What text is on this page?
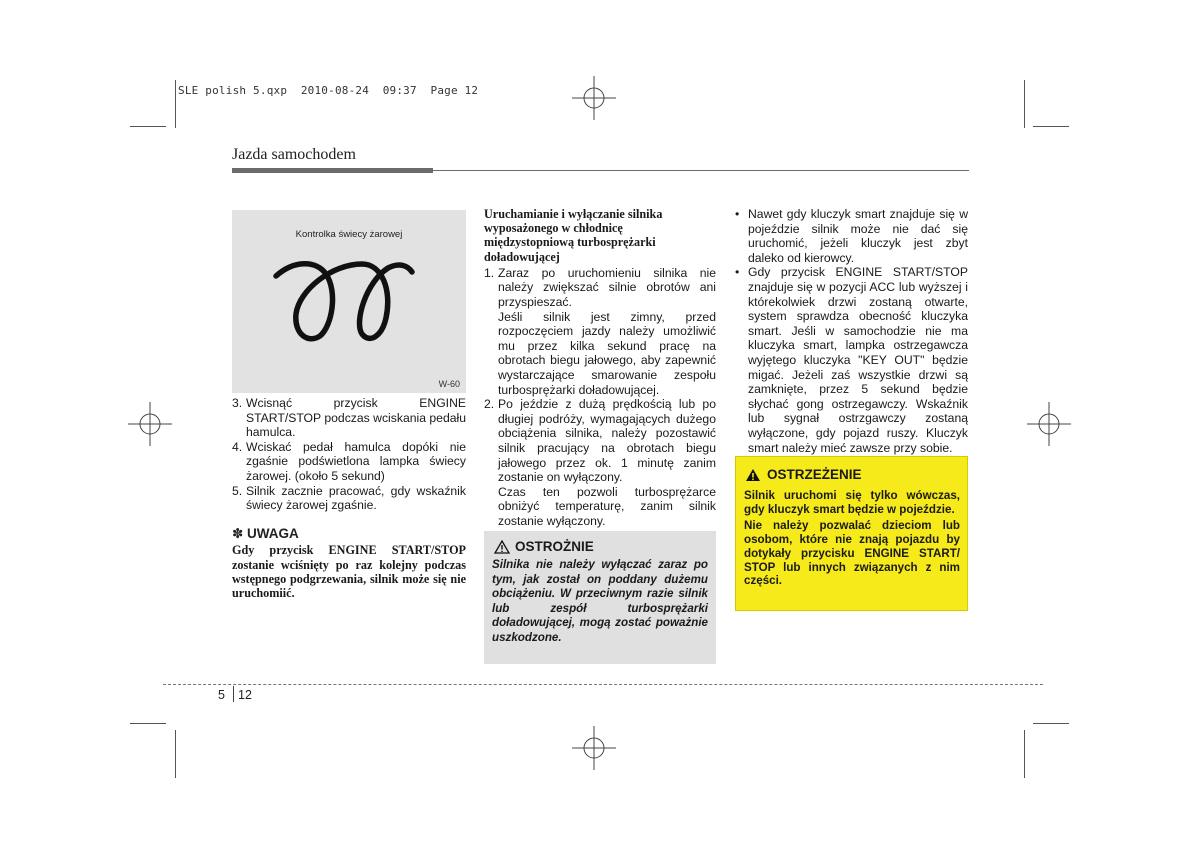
SLE polish 5.qxp 2010-08-24 09:37 Page 12
Jazda samochodem
Kontrolka świecy żarowej
W-60
3. Wcisnąć przycisk ENGINE START/STOP podczas wciskania pedału hamulca.
4. Wciskać pedał hamulca dopóki nie zgaśnie podświetlona lampka świecy żarowej. (około 5 sekund)
5. Silnik zacznie pracować, gdy wskaźnik świecy żarowej zgaśnie.
✽ UWAGA
Gdy przycisk ENGINE START/STOP zostanie wciśnięty po raz kolejny podczas wstępnego podgrzewania, silnik może się nie uruchomiić.
Uruchamianie i wyłączanie silnika wyposażonego w chłodnicę międzystopniową turbosprężarki doładowującej
1. Zaraz po uruchomieniu silnika nie należy zwiększać silnie obrotów ani przyspieszać.
Jeśli silnik jest zimny, przed rozpoczęciem jazdy należy umożliwić mu przez kilka sekund pracę na obrotach biegu jałowego, aby zapewnić wystarczające smarowanie zespołu turbosprężarki doładowującej.
2. Po jeździe z dużą prędkością lub po długiej podróży, wymagających dużego obciążenia silnika, należy pozostawić silnik pracujący na obrotach biegu jałowego przez ok. 1 minutę zanim zostanie on wyłączony.
Czas ten pozwoli turbosprężarce obniżyć temperaturę, zanim silnik zostanie wyłączony.
OSTROŻNIE
Silnika nie należy wyłączać zaraz po tym, jak został on poddany dużemu obciążeniu. W przeciwnym razie silnik lub zespół turbosprężarki doładowującej, mogą zostać poważnie uszkodzone.
• Nawet gdy kluczyk smart znajduje się w pojeździe silnik może nie dać się uruchomić, jeżeli kluczyk jest zbyt daleko od kierowcy.
• Gdy przycisk ENGINE START/STOP znajduje się w pozycji ACC lub wyższej i którekolwiek drzwi zostaną otwarte, system sprawdza obecność kluczyka smart. Jeśli w samochodzie nie ma kluczyka smart, lampka ostrzegawcza wyjętego kluczyka "KEY OUT" będzie migać. Jeżeli zaś wszystkie drzwi są zamknięte, przez 5 sekund będzie słychać gong ostrzegawczy. Wskaźnik lub sygnał ostrzgawczy zostaną wyłączone, gdy pojazd ruszy. Kluczyk smart należy mieć zawsze przy sobie.
OSTRZEŻENIE

Silnik uruchomi się tylko wówczas, gdy kluczyk smart będzie w pojeździe.

Nie należy pozwalać dzieciom lub osobom, które nie znają pojazdu by dotykały przycisku ENGINE START/ STOP lub innych związanych z nim części.

5 12
